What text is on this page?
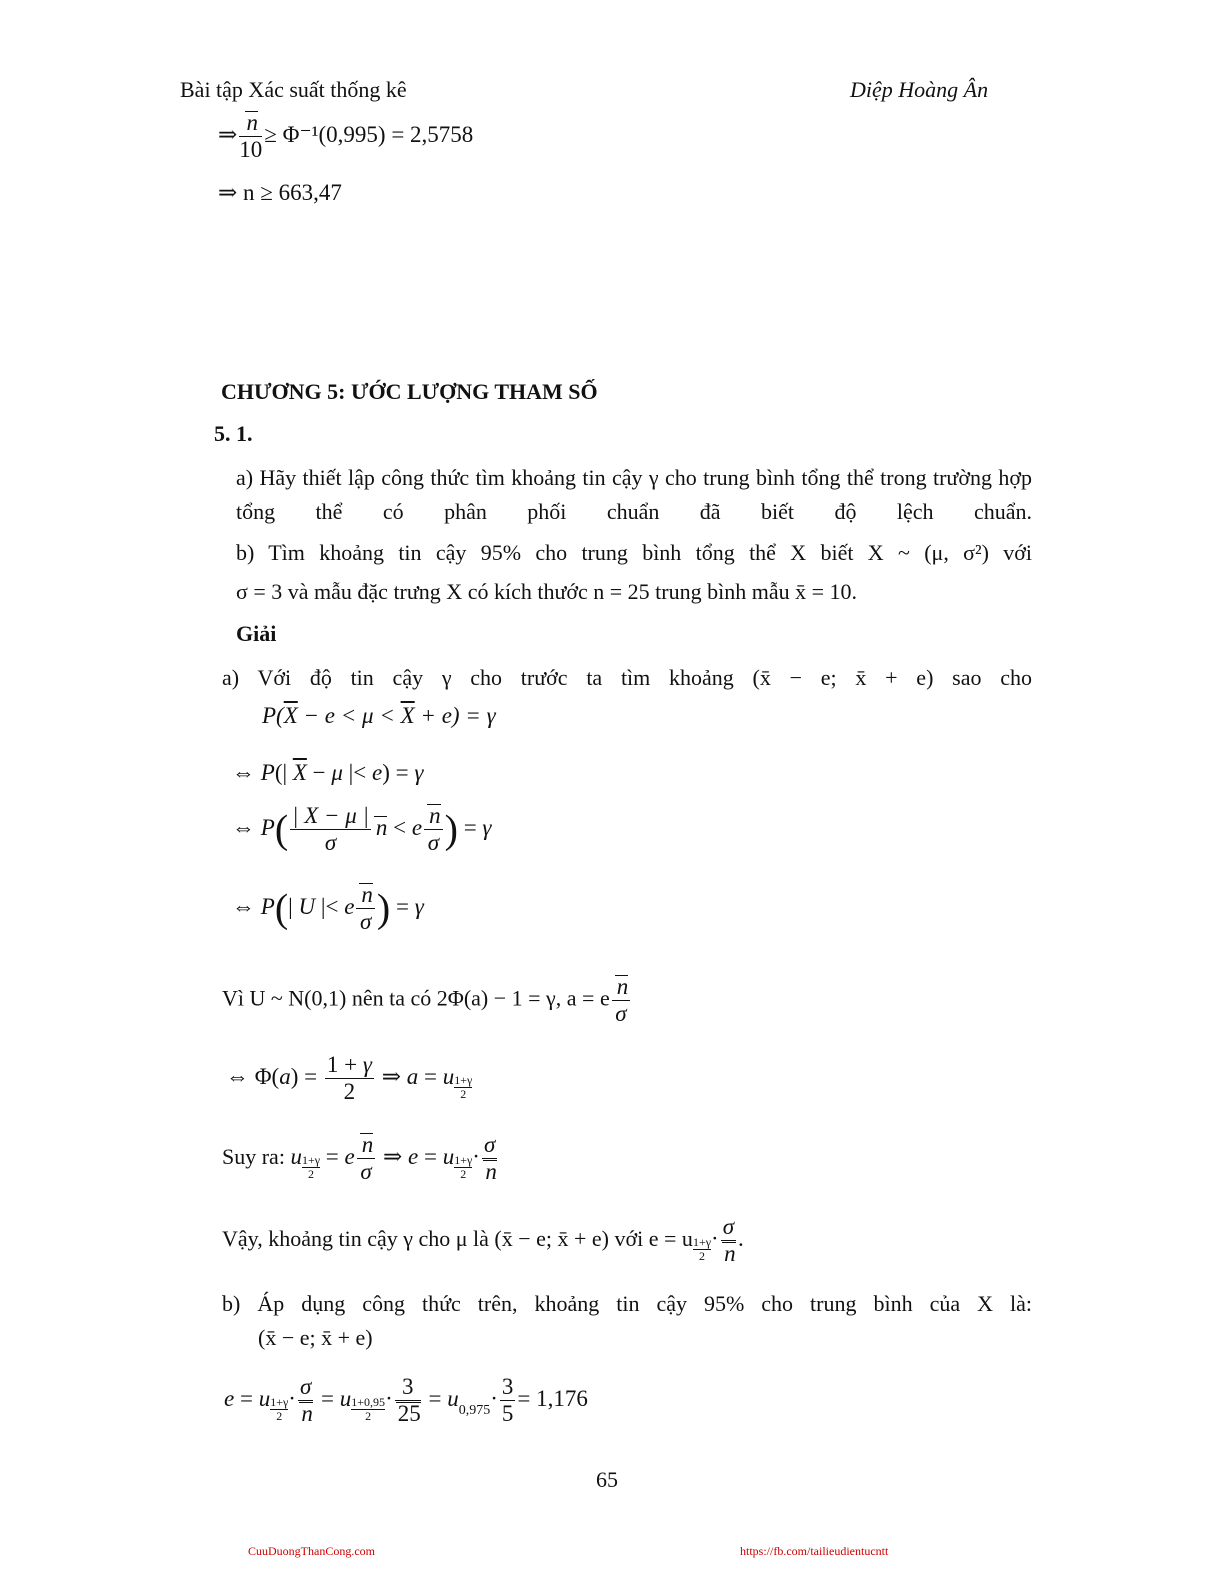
Bài tập Xác suất thống kê	Diệp Hoàng Ân
⇒ $\frac{n}{10} \ge \Phi^{-1}(0,995) = 2,5758$
⇒ n ≥ 663,47
CHƯƠNG 5: ƯỚC LƯỢNG THAM SỐ
5. 1.
a) Hãy thiết lập công thức tìm khoảng tin cậy γ cho trung bình tổng thể trong trường hợp tổng thể có phân phối chuẩn đã biết độ lệch chuẩn.
b) Tìm khoảng tin cậy 95% cho trung bình tổng thể X biết X ~ (μ, σ²) với
σ = 3 và mẫu đặc trưng X có kích thước n = 25 trung bình mẫu x̄ = 10.
Giải
a) Với độ tin cậy γ cho trước ta tìm khoảng (x̄ − e; x̄ + e) sao cho
$P(\overline{X} - e < \mu < \overline{X} + e) = \gamma$
⇔ P(| $\overline{X} - \mu$ |< e) = γ
⇔ $P( \frac{| X - \mu |}{\sigma}$ n < e $\frac{n}{\sigma}$ ) = γ
⇔ P(| U |< e $\frac{n}{\sigma}$ ) = γ
Vì U ~ N(0,1) nên ta có 2Φ(a) − 1 = γ, a = e $\frac{n}{\sigma}$
⇔ $\Phi(a) = \frac{1 + \gamma}{2}$ ⇒ a = u $\frac{1+\gamma}{2}$
Suy ra: u $\frac{1+\gamma}{2} = e \frac{n}{\sigma}$ ⇒ e = u $\frac{1+\gamma}{2} \cdot \frac{\sigma}{n}$
Vậy, khoảng tin cậy γ cho μ là (x̄ − e; x̄ + e) với e = u $\frac{1+\gamma}{2} \cdot \frac{\sigma}{n}$ .
b) Áp dụng công thức trên, khoảng tin cậy 95% cho trung bình của X là:
(x̄ − e; x̄ + e)
e = u $\frac{1+\gamma}{2} \cdot \frac{\sigma}{n} = u \frac{1+0,95}{2} \cdot \frac{3}{25} = u_{0,975}\cdot \frac{3}{5} = 1,176$
65
CuuDuongThanCong.com	https://fb.com/tailieudientucntt
